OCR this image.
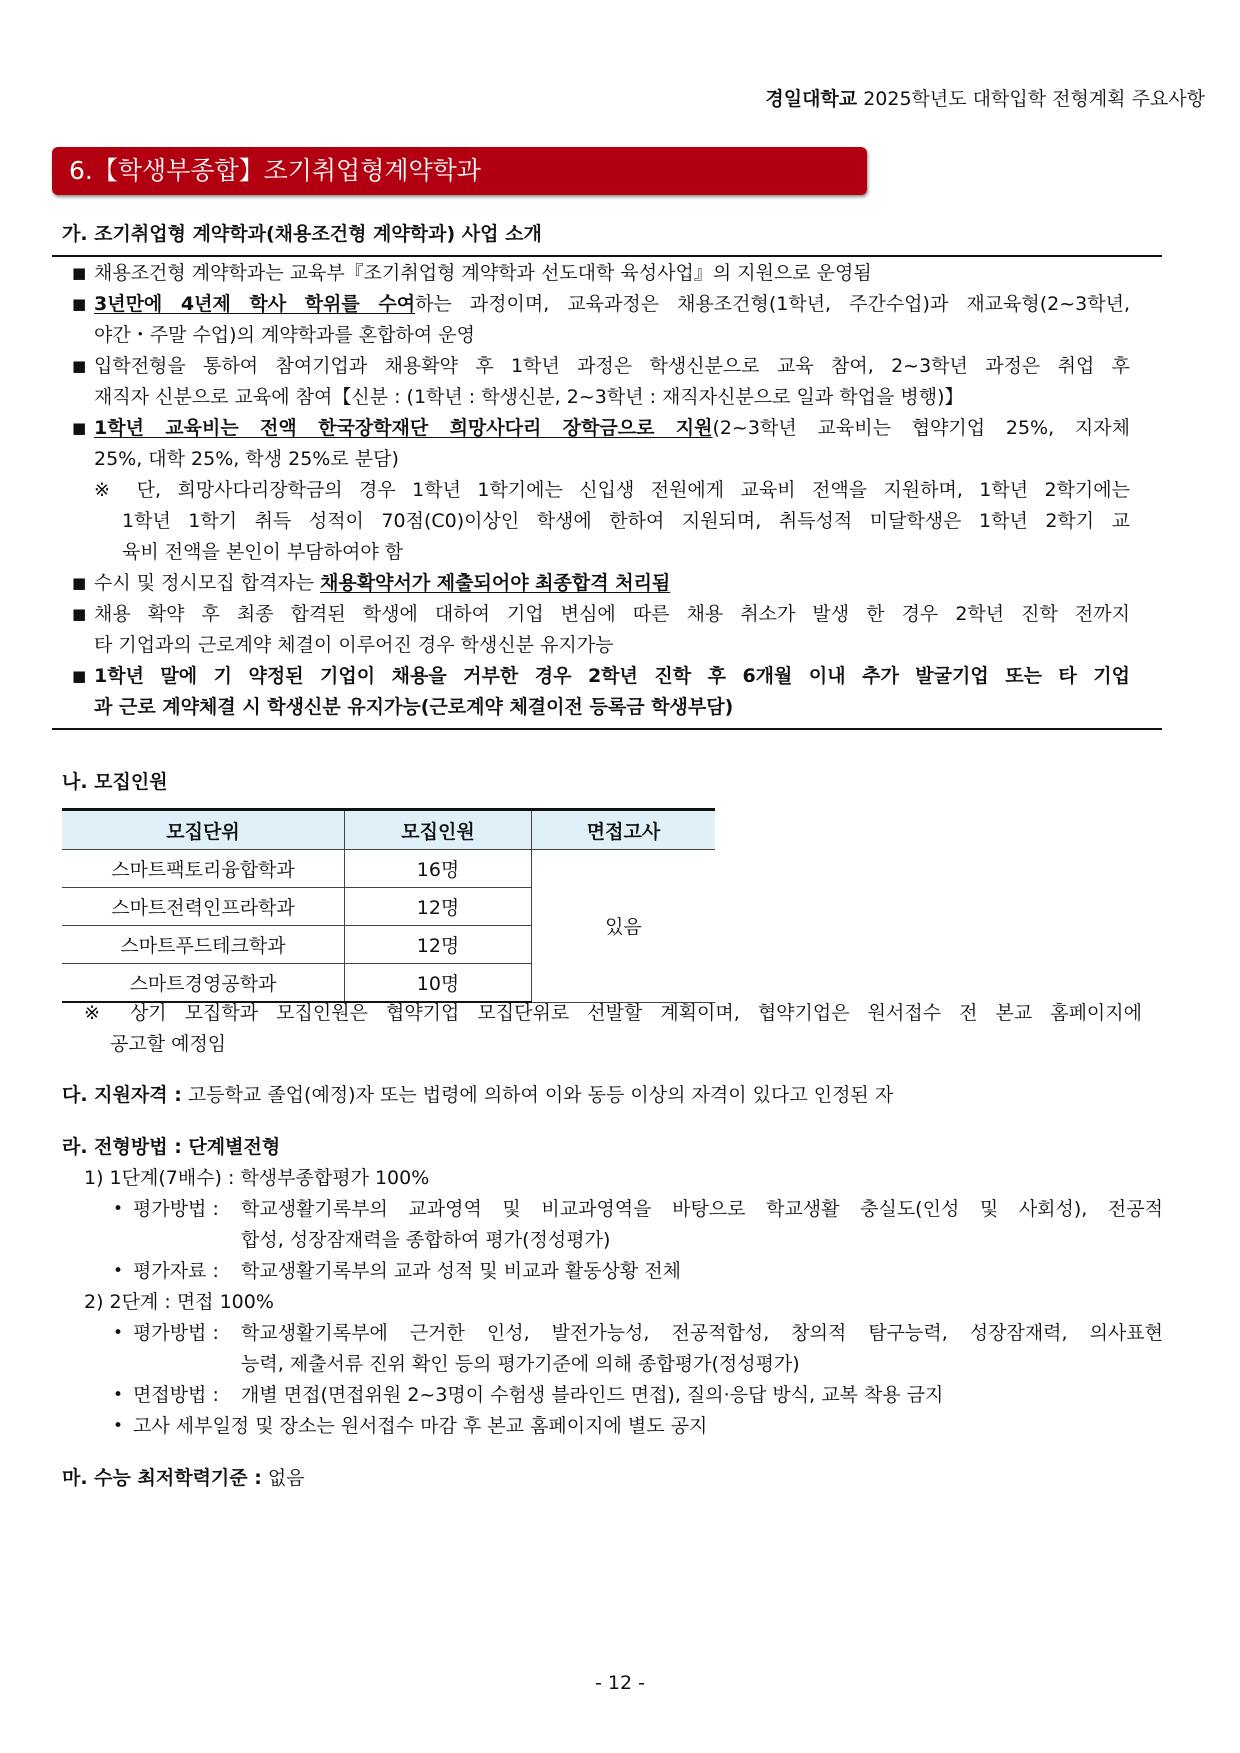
경일대학교 2025학년도 대학입학 전형계획 주요사항
6.【학생부종합】조기취업형계약학과
가. 조기취업형 계약학과(채용조건형 계약학과) 사업 소개
■ 채용조건형 계약학과는 교육부『조기취업형 계약학과 선도대학 육성사업』의 지원으로 운영됨
■ 3년만에 4년제 학사 학위를 수여하는 과정이며, 교육과정은 채용조건형(1학년, 주간수업)과 재교육형(2~3학년,
야간・주말 수업)의 계약학과를 혼합하여 운영
■ 입학전형을 통하여 참여기업과 채용확약 후 1학년 과정은 학생신분으로 교육 참여, 2~3학년 과정은 취업 후
재직자 신분으로 교육에 참여【신분 : (1학년 : 학생신분, 2~3학년 : 재직자신분으로 일과 학업을 병행)】
■ 1학년 교육비는 전액 한국장학재단 희망사다리 장학금으로 지원(2~3학년 교육비는 협약기업 25%, 지자체
25%, 대학 25%, 학생 25%로 분담)
※ 단, 희망사다리장학금의 경우 1학년 1학기에는 신입생 전원에게 교육비 전액을 지원하며, 1학년 2학기에는
1학년 1학기 취득 성적이 70점(C0)이상인 학생에 한하여 지원되며, 취득성적 미달학생은 1학년 2학기 교
육비 전액을 본인이 부담하여야 함
■ 수시 및 정시모집 합격자는 채용확약서가 제출되어야 최종합격 처리됨
■ 채용 확약 후 최종 합격된 학생에 대하여 기업 변심에 따른 채용 취소가 발생 한 경우 2학년 진학 전까지
타 기업과의 근로계약 체결이 이루어진 경우 학생신분 유지가능
■ 1학년 말에 기 약정된 기업이 채용을 거부한 경우 2학년 진학 후 6개월 이내 추가 발굴기업 또는 타 기업
과 근로 계약체결 시 학생신분 유지가능(근로계약 체결이전 등록금 학생부담)
나. 모집인원
모집단위	모집인원	면접고사
스마트팩토리융합학과	16명	있음
스마트전력인프라학과	12명	
스마트푸드테크학과	12명	
스마트경영공학과	10명	
※ 상기 모집학과 모집인원은 협약기업 모집단위로 선발할 계획이며, 협약기업은 원서접수 전 본교 홈페이지에
공고할 예정임
다. 지원자격 : 고등학교 졸업(예정)자 또는 법령에 의하여 이와 동등 이상의 자격이 있다고 인정된 자
라. 전형방법 : 단계별전형
1) 1단계(7배수) : 학생부종합평가 100%
• 평가방법 : 학교생활기록부의 교과영역 및 비교과영역을 바탕으로 학교생활 충실도(인성 및 사회성), 전공적
합성, 성장잠재력을 종합하여 평가(정성평가)
• 평가자료 : 학교생활기록부의 교과 성적 및 비교과 활동상황 전체
2) 2단계 : 면접 100%
• 평가방법 : 학교생활기록부에 근거한 인성, 발전가능성, 전공적합성, 창의적 탐구능력, 성장잠재력, 의사표현
능력, 제출서류 진위 확인 등의 평가기준에 의해 종합평가(정성평가)
• 면접방법 : 개별 면접(면접위원 2~3명이 수험생 블라인드 면접), 질의·응답 방식, 교복 착용 금지
• 고사 세부일정 및 장소는 원서접수 마감 후 본교 홈페이지에 별도 공지
마. 수능 최저학력기준 : 없음
- 12 -
